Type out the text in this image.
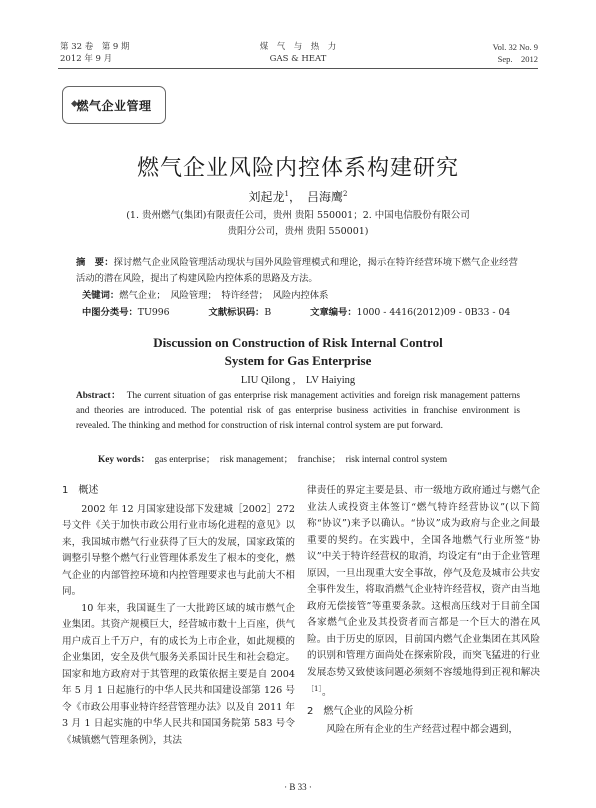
第 32 卷　第 9 期
2012 年 9 月
煤　气　与　热　力
GAS & HEAT
Vol. 32 No. 9
Sep.　2012
◆
燃气企业管理
燃气企业风险内控体系构建研究
刘起龙$^1$，　吕海鹰$^2$
(1. 贵州燃气(集团)有限责任公司，贵州 贵阳 550001；2. 中国电信股份有限公司
贵阳分公司，贵州 贵阳 550001)
摘　要：探讨燃气企业风险管理活动现状与国外风险管理模式和理论，揭示在特许经营环境下燃气企业经营活动的潜在风险，提出了构建风险内控体系的思路及方法。
关键词：燃气企业；　风险管理；　特许经营；　风险内控体系
中图分类号：TU996	文献标识码：B	文章编号：1000 - 4416(2012)09 - 0B33 - 04
Discussion on Construction of Risk Internal Control
System for Gas Enterprise
LIU Qilong ,　LV Haiying
Abstract： The current situation of gas enterprise risk management activities and foreign risk management patterns and theories are introduced. The potential risk of gas enterprise business activities in franchise environment is revealed. The thinking and method for construction of risk internal control system are put forward.
Key words： gas enterprise；　risk management；　franchise；　risk internal control system
1　概述

2002 年 12 月国家建设部下发建城［2002］272 号文件《关于加快市政公用行业市场化进程的意见》以来，我国城市燃气行业获得了巨大的发展，国家政策的调整引导整个燃气行业管理体系发生了根本的变化，燃气企业的内部管控环境和内控管理要求也与此前大不相同。

10 年来，我国诞生了一大批跨区域的城市燃气企业集团。其资产规模巨大，经营城市数十上百座，供气用户成百上千万户，有的成长为上市企业，如此规模的企业集团，安全及供气服务关系国计民生和社会稳定。国家和地方政府对于其管理的政策依据主要是自 2004 年 5 月 1 日起施行的中华人民共和国建设部第 126 号令《市政公用事业特许经营管理办法》以及自 2011 年 3 月 1 日起实施的中华人民共和国国务院第 583 号令《城镇燃气管理条例》，其法

律责任的界定主要是县、市一级地方政府通过与燃气企业法人或投资主体签订“燃气特许经营协议”(以下简称“协议”)来予以确认。“协议”成为政府与企业之间最重要的契约。在实践中，全国各地燃气行业所签“协议”中关于特许经营权的取消，均设定有“由于企业管理原因，一旦出现重大安全事故，停气及危及城市公共安全事件发生，将取消燃气企业特许经营权，资产由当地政府无偿接管”等重要条款。这根高压线对于目前全国各家燃气企业及其投资者而言都是一个巨大的潜在风险。由于历史的原因，目前国内燃气企业集团在其风险的识别和管理方面尚处在探索阶段，而突飞猛进的行业发展态势又致使该问题必须刻不容缓地得到正视和解决$^{[1]}$。

2　燃气企业的风险分析

风险在所有企业的生产经营过程中都会遇到，

· B 33 ·
